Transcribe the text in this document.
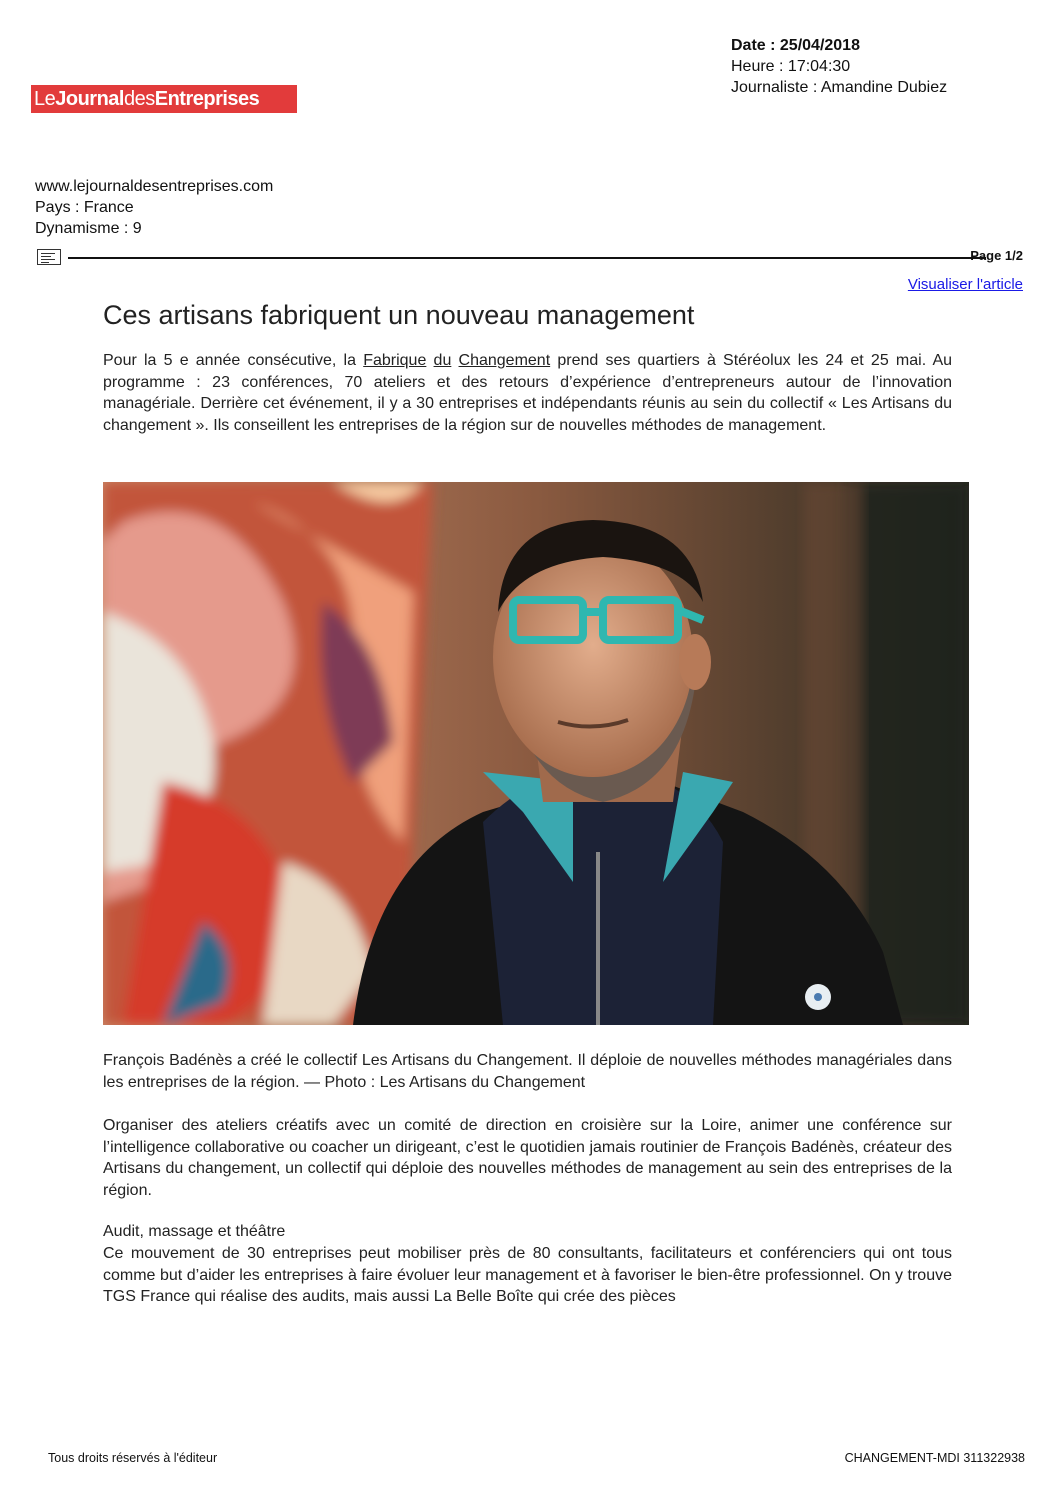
Date : 25/04/2018
Heure : 17:04:30
Journaliste : Amandine Dubiez
Le Journal des Entreprises
www.lejournaldesentreprises.com
Pays : France
Dynamisme : 9
Page 1/2
Visualiser l'article
Ces artisans fabriquent un nouveau management

Pour la 5 e année consécutive, la Fabrique du Changement prend ses quartiers à Stéréolux les 24 et 25 mai. Au programme : 23 conférences, 70 ateliers et des retours d’expérience d’entrepreneurs autour de l’innovation managériale. Derrière cet événement, il y a 30 entreprises et indépendants réunis au sein du collectif « Les Artisans du changement ». Ils conseillent les entreprises de la région sur de nouvelles méthodes de management.

François Badénès a créé le collectif Les Artisans du Changement. Il déploie de nouvelles méthodes managériales dans les entreprises de la région. — Photo : Les Artisans du Changement

Organiser des ateliers créatifs avec un comité de direction en croisière sur la Loire, animer une conférence sur l’intelligence collaborative ou coacher un dirigeant, c’est le quotidien jamais routinier de François Badénès, créateur des Artisans du changement, un collectif qui déploie des nouvelles méthodes de management au sein des entreprises de la région.

Audit, massage et théâtre

Ce mouvement de 30 entreprises peut mobiliser près de 80 consultants, facilitateurs et conférenciers qui ont tous comme but d’aider les entreprises à faire évoluer leur management et à favoriser le bien-être professionnel. On y trouve TGS France qui réalise des audits, mais aussi La Belle Boîte qui crée des pièces

Tous droits réservés à l'éditeur	CHANGEMENT-MDI 311322938
